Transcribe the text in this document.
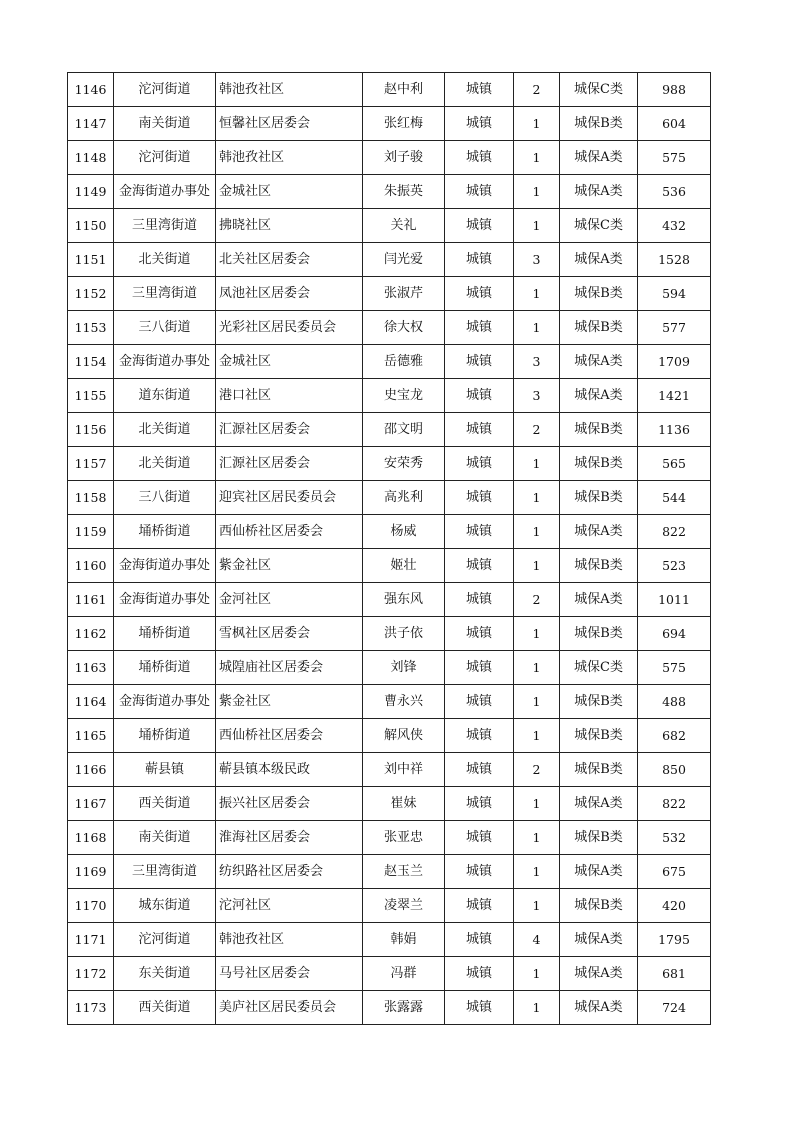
1146	沱河街道	韩池孜社区	赵中利	城镇	2	城保C类	988
1147	南关街道	恒馨社区居委会	张红梅	城镇	1	城保B类	604
1148	沱河街道	韩池孜社区	刘子骏	城镇	1	城保A类	575
1149	金海街道办事处	金城社区	朱振英	城镇	1	城保A类	536
1150	三里湾街道	拂晓社区	关礼	城镇	1	城保C类	432
1151	北关街道	北关社区居委会	闫光爱	城镇	3	城保A类	1528
1152	三里湾街道	凤池社区居委会	张淑芹	城镇	1	城保B类	594
1153	三八街道	光彩社区居民委员会	徐大权	城镇	1	城保B类	577
1154	金海街道办事处	金城社区	岳德雅	城镇	3	城保A类	1709
1155	道东街道	港口社区	史宝龙	城镇	3	城保A类	1421
1156	北关街道	汇源社区居委会	邵文明	城镇	2	城保B类	1136
1157	北关街道	汇源社区居委会	安荣秀	城镇	1	城保B类	565
1158	三八街道	迎宾社区居民委员会	高兆利	城镇	1	城保B类	544
1159	埇桥街道	西仙桥社区居委会	杨威	城镇	1	城保A类	822
1160	金海街道办事处	紫金社区	姬壮	城镇	1	城保B类	523
1161	金海街道办事处	金河社区	强东风	城镇	2	城保A类	1011
1162	埇桥街道	雪枫社区居委会	洪子依	城镇	1	城保B类	694
1163	埇桥街道	城隍庙社区居委会	刘锋	城镇	1	城保C类	575
1164	金海街道办事处	紫金社区	曹永兴	城镇	1	城保B类	488
1165	埇桥街道	西仙桥社区居委会	解风侠	城镇	1	城保B类	682
1166	蕲县镇	蕲县镇本级民政	刘中祥	城镇	2	城保B类	850
1167	西关街道	振兴社区居委会	崔妹	城镇	1	城保A类	822
1168	南关街道	淮海社区居委会	张亚忠	城镇	1	城保B类	532
1169	三里湾街道	纺织路社区居委会	赵玉兰	城镇	1	城保A类	675
1170	城东街道	沱河社区	凌翠兰	城镇	1	城保B类	420
1171	沱河街道	韩池孜社区	韩娟	城镇	4	城保A类	1795
1172	东关街道	马号社区居委会	冯群	城镇	1	城保A类	681
1173	西关街道	美庐社区居民委员会	张露露	城镇	1	城保A类	724
